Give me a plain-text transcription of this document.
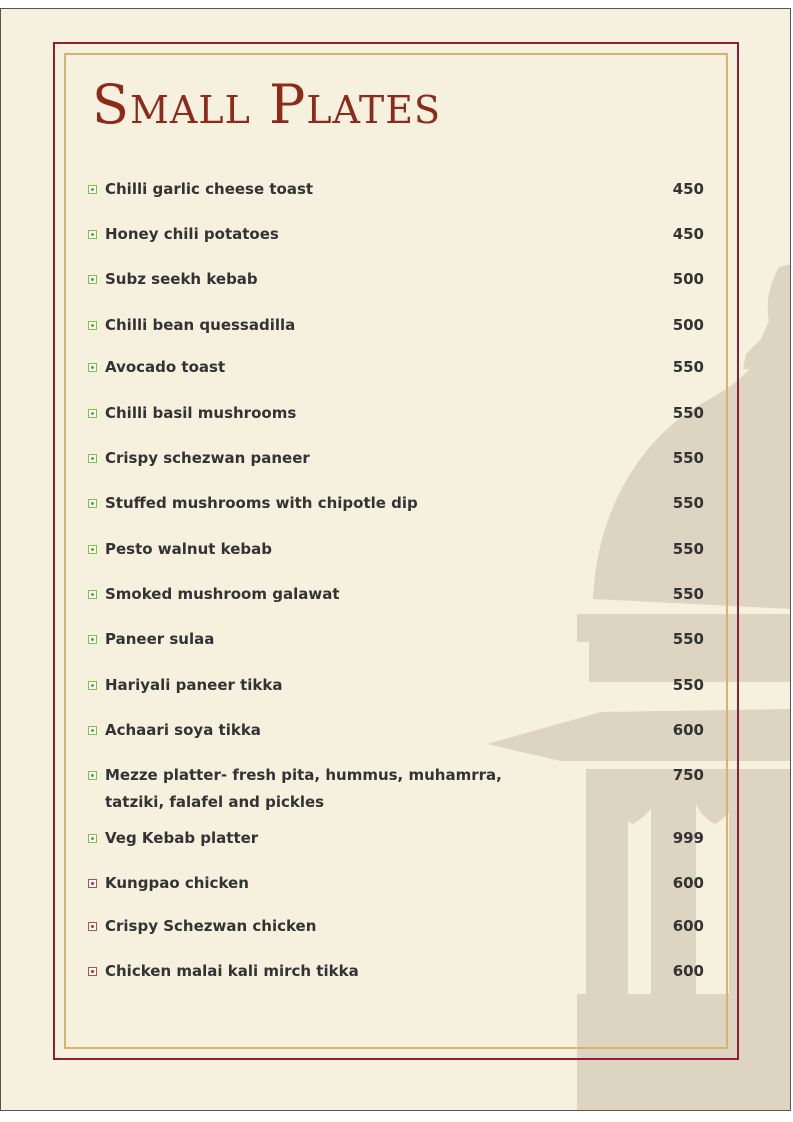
Small Plates
Chilli garlic cheese toast	450
Honey chili potatoes	450
Subz seekh kebab	500
Chilli bean quessadilla	500
Avocado toast	550
Chilli basil mushrooms	550
Crispy schezwan paneer	550
Stuffed mushrooms with chipotle dip	550
Pesto walnut kebab	550
Smoked mushroom galawat	550
Paneer sulaa	550
Hariyali paneer tikka	550
Achaari soya tikka	600
Mezze platter- fresh pita, hummus, muhamrra, tatziki, falafel and pickles
750
Veg Kebab platter	999
Kungpao chicken	600
Crispy Schezwan chicken	600
Chicken malai kali mirch tikka	600
